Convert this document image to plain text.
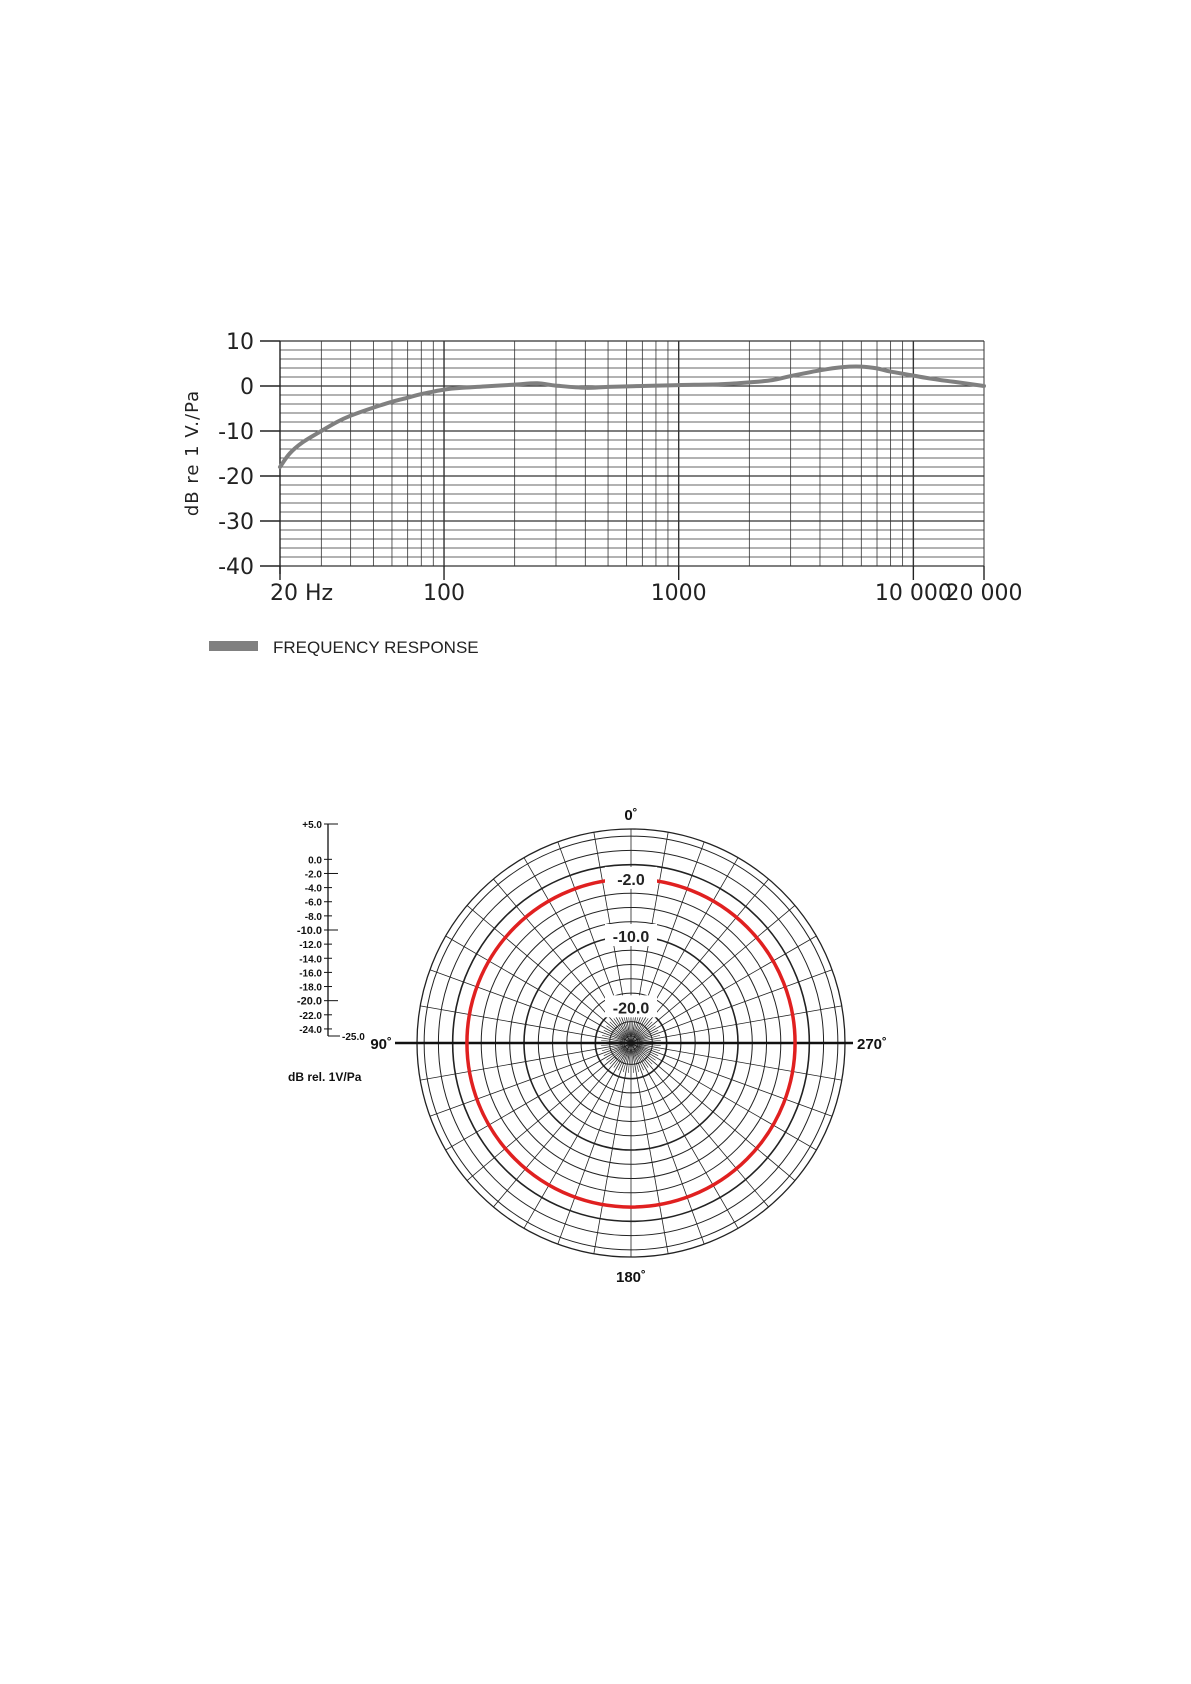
10
0
-10
-20
-30
-40
20 Hz	100	1000	10 000
20 000
dB re 1 V./Pa
FREQUENCY RESPONSE
-2.0
-10.0
-20.0
0˚
90˚
180˚
270˚
+5.0
0.0
-2.0
-4.0
-6.0
-8.0
-10.0
-12.0
-14.0
-16.0
-18.0
-20.0
-22.0
-24.0
-25.0
dB rel. 1V/Pa
